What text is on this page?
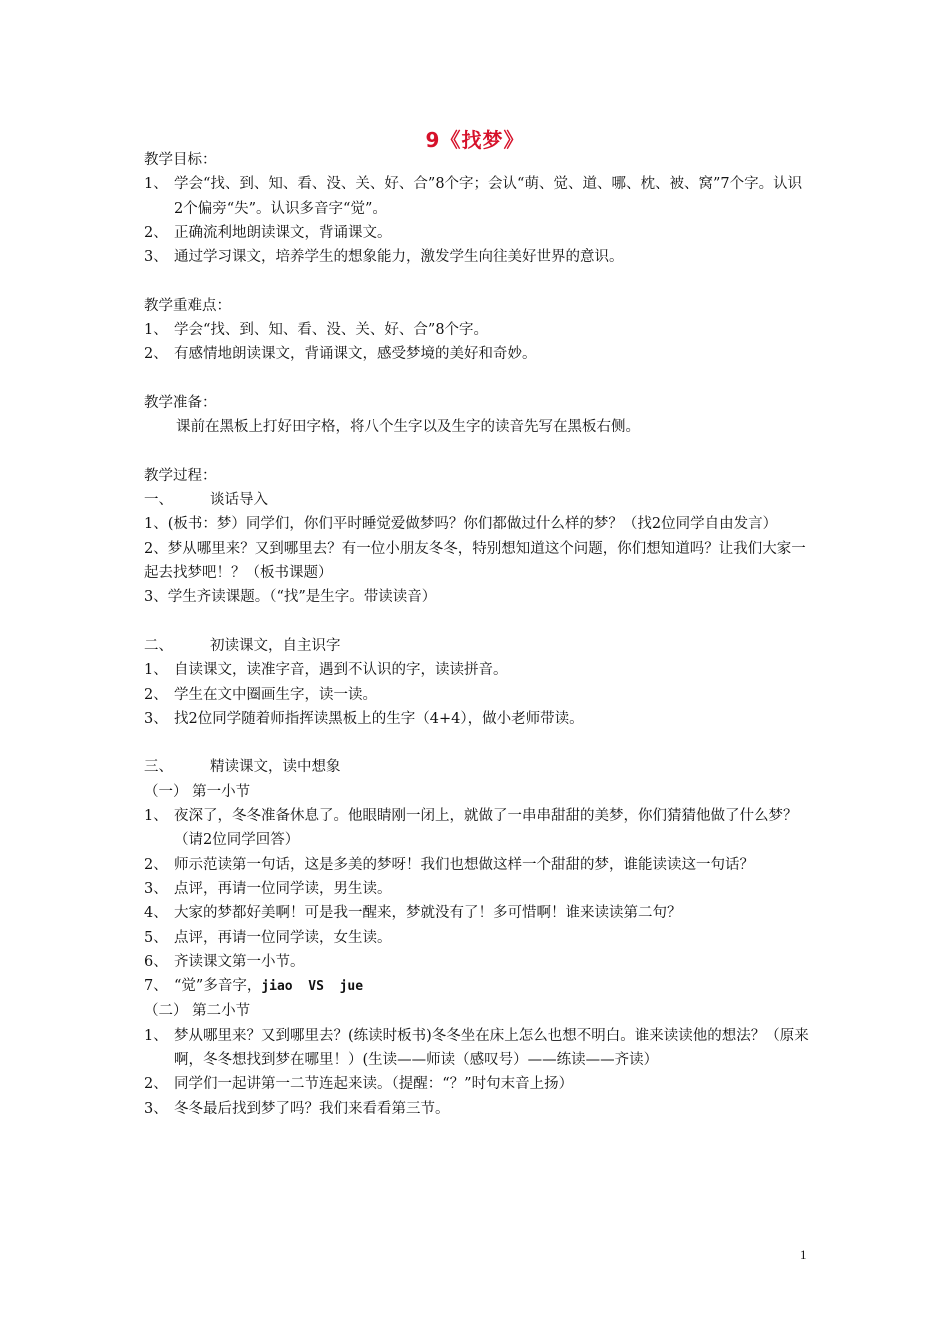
9《找梦》
教学目标：
1、 学会“找、到、知、看、没、关、好、合”8个字；会认“萌、觉、道、哪、枕、被、窝”7个字。认识2个偏旁“失”。认识多音字“觉”。
2、 正确流利地朗读课文，背诵课文。
3、 通过学习课文，培养学生的想象能力，激发学生向往美好世界的意识。
教学重难点：
1、 学会“找、到、知、看、没、关、好、合”8个字。
2、 有感情地朗读课文，背诵课文，感受梦境的美好和奇妙。
教学准备：
课前在黑板上打好田字格，将八个生字以及生字的读音先写在黑板右侧。
教学过程：
一、	谈话导入
1、(板书：梦）同学们，你们平时睡觉爱做梦吗？你们都做过什么样的梦？（找2位同学自由发言）
2、梦从哪里来？又到哪里去？有一位小朋友冬冬，特别想知道这个问题，你们想知道吗？让我们大家一起去找梦吧！？（板书课题）
3、学生齐读课题。（“找”是生字。带读读音）
二、	初读课文，自主识字
1、 自读课文，读准字音，遇到不认识的字，读读拼音。
2、 学生在文中圈画生字，读一读。
3、 找2位同学随着师指挥读黑板上的生字（4+4），做小老师带读。
三、	精读课文，读中想象
（一） 第一小节
1、 夜深了，冬冬准备休息了。他眼睛刚一闭上，就做了一串串甜甜的美梦，你们猜猜他做了什么梦？（请2位同学回答）
2、 师示范读第一句话，这是多美的梦呀！我们也想做这样一个甜甜的梦，谁能读读这一句话？
3、 点评，再请一位同学读，男生读。
4、 大家的梦都好美啊！可是我一醒来，梦就没有了！多可惜啊！谁来读读第二句？
5、 点评，再请一位同学读，女生读。
6、 齐读课文第一小节。
7、 “觉”多音字，jiao  VS  jue
（二） 第二小节
1、 梦从哪里来？又到哪里去？(练读时板书)冬冬坐在床上怎么也想不明白。谁来读读他的想法？（原来啊，冬冬想找到梦在哪里！）(生读——师读（感叹号）——练读——齐读）
2、 同学们一起讲第一二节连起来读。（提醒：“？”时句末音上扬）
3、 冬冬最后找到梦了吗？我们来看看第三节。
1
